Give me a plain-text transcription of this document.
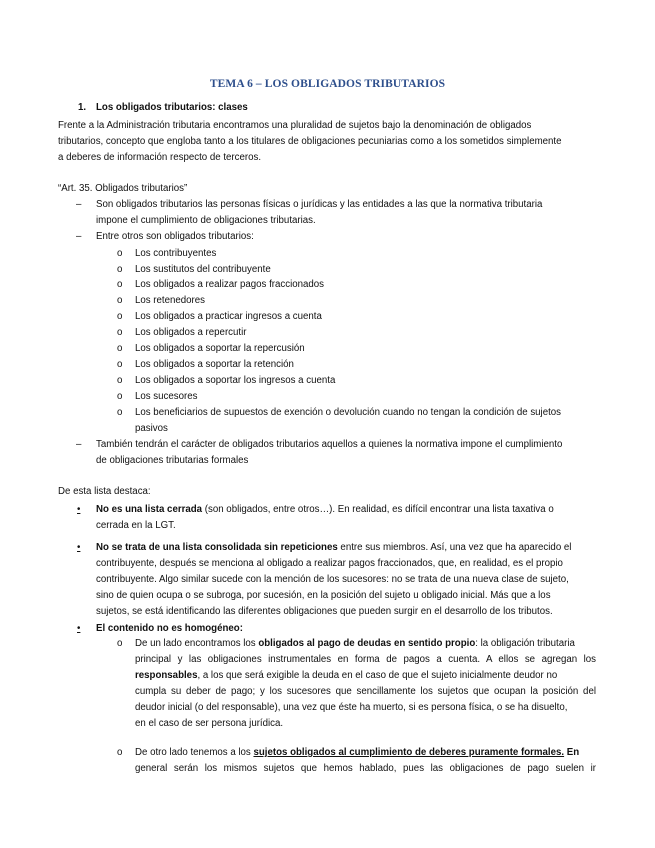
TEMA 6 – LOS OBLIGADOS TRIBUTARIOS
1. Los obligados tributarios: clases
Frente a la Administración tributaria encontramos una pluralidad de sujetos bajo la denominación de obligados
tributarios, concepto que engloba tanto a los titulares de obligaciones pecuniarias como a los sometidos simplemente
a deberes de información respecto de terceros.
“Art. 35. Obligados tributarios”
– Son obligados tributarios las personas físicas o jurídicas y las entidades a las que la normativa tributaria
impone el cumplimiento de obligaciones tributarias.
– Entre otros son obligados tributarios:
o Los contribuyentes
o Los sustitutos del contribuyente
o Los obligados a realizar pagos fraccionados
o Los retenedores
o Los obligados a practicar ingresos a cuenta
o Los obligados a repercutir
o Los obligados a soportar la repercusión
o Los obligados a soportar la retención
o Los obligados a soportar los ingresos a cuenta
o Los sucesores
o Los beneficiarios de supuestos de exención o devolución cuando no tengan la condición de sujetos
pasivos
– También tendrán el carácter de obligados tributarios aquellos a quienes la normativa impone el cumplimiento
de obligaciones tributarias formales
De esta lista destaca:
• No es una lista cerrada (son obligados, entre otros…). En realidad, es difícil encontrar una lista taxativa o
cerrada en la LGT.
• No se trata de una lista consolidada sin repeticiones entre sus miembros. Así, una vez que ha aparecido el
contribuyente, después se menciona al obligado a realizar pagos fraccionados, que, en realidad, es el propio
contribuyente. Algo similar sucede con la mención de los sucesores: no se trata de una nueva clase de sujeto,
sino de quien ocupa o se subroga, por sucesión, en la posición del sujeto u obligado inicial. Más que a los
sujetos, se está identificando las diferentes obligaciones que pueden surgir en el desarrollo de los tributos.
• El contenido no es homogéneo:
o De un lado encontramos los obligados al pago de deudas en sentido propio: la obligación tributaria
principal y las obligaciones instrumentales en forma de pagos a cuenta. A ellos se agregan los
responsables, a los que será exigible la deuda en el caso de que el sujeto inicialmente deudor no
cumpla su deber de pago; y los sucesores que sencillamente los sujetos que ocupan la posición del
deudor inicial (o del responsable), una vez que éste ha muerto, si es persona física, o se ha disuelto,
en el caso de ser persona jurídica.
o De otro lado tenemos a los sujetos obligados al cumplimiento de deberes puramente formales. En
general serán los mismos sujetos que hemos hablado, pues las obligaciones de pago suelen ir
